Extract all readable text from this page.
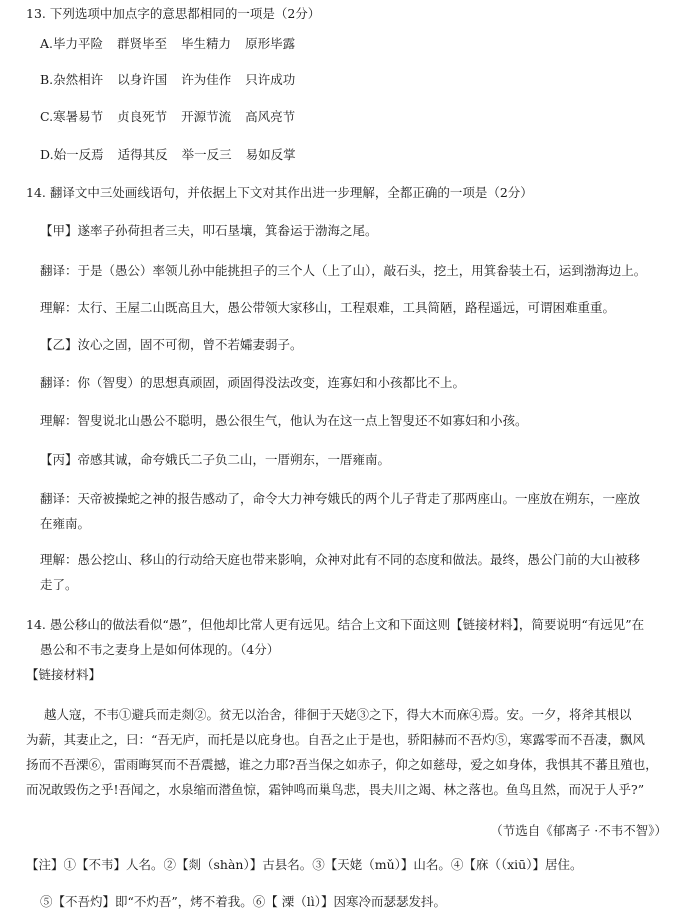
13. 下列选项中加点字的意思都相同的一项是（2分）
A.毕力平险 群贤毕至 毕生精力 原形毕露
B.杂然相许 以身许国 许为佳作 只许成功
C.寒暑易节 贞良死节 开源节流 高风亮节
D.始一反焉 适得其反 举一反三 易如反掌
14. 翻译文中三处画线语句，并依据上下文对其作出进一步理解，全都正确的一项是（2分）
【甲】遂率子孙荷担者三夫，叩石垦壤，箕畚运于渤海之尾。
翻译：于是（愚公）率领儿孙中能挑担子的三个人（上了山），敲石头，挖土，用箕畚装土石，运到渤海边上。
理解：太行、王屋二山既高且大，愚公带领大家移山，工程艰难，工具简陋，路程遥远，可谓困难重重。
【乙】汝心之固，固不可彻，曾不若孀妻弱子。
翻译：你（智叟）的思想真顽固，顽固得没法改变，连寡妇和小孩都比不上。
理解：智叟说北山愚公不聪明，愚公很生气，他认为在这一点上智叟还不如寡妇和小孩。
【丙】帝感其诚，命夸娥氏二子负二山，一厝朔东，一厝雍南。
翻译：天帝被操蛇之神的报告感动了，命令大力神夸娥氏的两个儿子背走了那两座山。一座放在朔东，一座放
在雍南。
理解：愚公挖山、移山的行动给天庭也带来影响，众神对此有不同的态度和做法。最终，愚公门前的大山被移
走了。
14. 愚公移山的做法看似“愚”，但他却比常人更有远见。结合上文和下面这则【链接材料】，简要说明“有远见”在
愚公和不韦之妻身上是如何体现的。（4分）
【链接材料】
越人寇，不韦①避兵而走剡②。贫无以治舍，徘徊于天姥③之下，得大木而庥④焉。安。一夕，将斧其根以
为薪，其妻止之，曰：“吾无庐，而托是以庇身也。自吾之止于是也，骄阳赫而不吾灼⑤，寒露零而不吾凄，飘风
扬而不吾溧⑥，雷雨晦冥而不吾震撼，谁之力耶?吾当保之如赤子，仰之如慈母，爱之如身体，我惧其不蕃且殖也，
而况敢毁伤之乎!吾闻之，水泉缩而潜鱼惊，霜钟鸣而巢鸟悲，畏夫川之竭、林之落也。鱼鸟且然，而况于人乎?”
（节选自《郁离子 ·不韦不智》）
【注】①【不韦】人名。②【剡（shàn）】古县名。③【天姥（mǔ）】山名。④【庥（（xiū）】居住。
⑤【不吾灼】即“不灼吾”，烤不着我。⑥【 溧（lì）】因寒冷而瑟瑟发抖。
